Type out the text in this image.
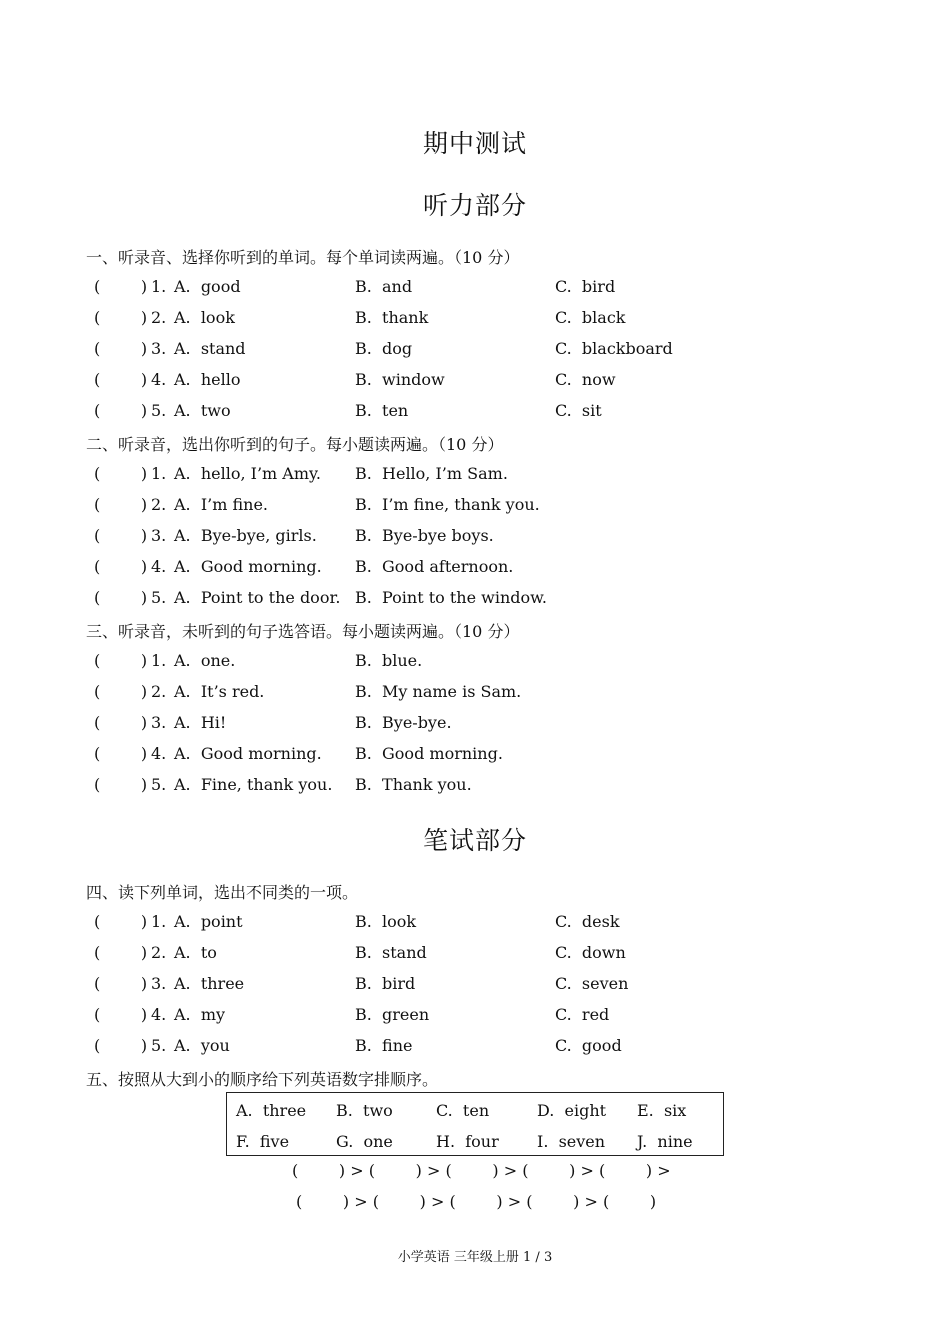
期中测试
听力部分
一、听录音、选择你听到的单词。每个单词读两遍。（10 分）
(        ) 1. A.  good	B.  and	C.  bird
(        ) 2. A.  look	B.  thank	C.  black
(        ) 3. A.  stand	B.  dog	C.  blackboard
(        ) 4. A.  hello	B.  window	C.  now
(        ) 5. A.  two	B.  ten	C.  sit
二、听录音，选出你听到的句子。每小题读两遍。（10 分）
(        ) 1. A.  hello, I’m Amy. B.  Hello, I’m Sam.
(        ) 2. A.  I’m fine.	B.  I’m fine, thank you.
(        ) 3. A.  Bye-bye, girls. B.  Bye-bye boys.
(        ) 4. A.  Good morning. B.  Good afternoon.
(        ) 5. A.  Point to the door. B.  Point to the window.
三、听录音，未听到的句子选答语。每小题读两遍。（10 分）
(        ) 1. A.  one.	B.  blue.
(        ) 2. A.  It’s red.	B.  My name is Sam.
(        ) 3. A.  Hi!	B.  Bye-bye.
(        ) 4. A.  Good morning. B.  Good morning.
(        ) 5. A.  Fine, thank you. B.  Thank you.
笔试部分
四、读下列单词，选出不同类的一项。
(        ) 1. A.  point	B.  look	C.  desk
(        ) 2. A.  to	B.  stand	C.  down
(        ) 3. A.  three	B.  bird	C.  seven
(        ) 4. A.  my	B.  green	C.  red
(        ) 5. A.  you	B.  fine	C.  good
五、按照从大到小的顺序给下列英语数字排顺序。
A.  three B.  two	C.  ten	D.  eight E.  six
F.  five	G.  one	H.  four I.  seven J.  nine
(        ) > (        ) > (        ) > (        ) > (        ) >
(        ) > (        ) > (        ) > (        ) > (        )
小学英语 三年级上册 1 / 3
